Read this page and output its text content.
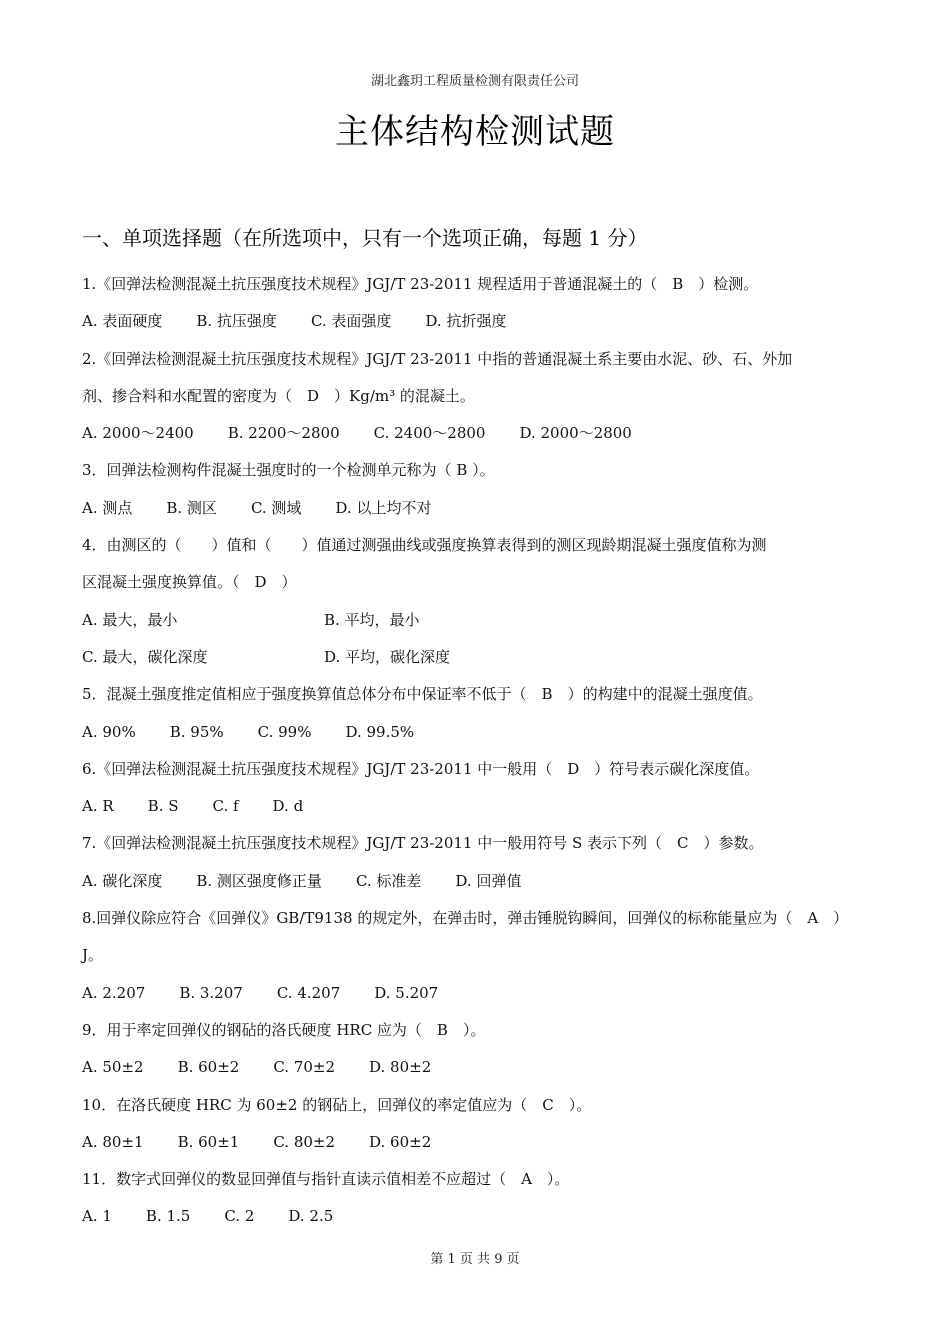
湖北鑫玥工程质量检测有限责任公司
主体结构检测试题
一、单项选择题（在所选项中，只有一个选项正确，每题 1 分）
1.《回弹法检测混凝土抗压强度技术规程》JGJ/T 23-2011 规程适用于普通混凝土的（　B　）检测。
A. 表面硬度 B. 抗压强度 C. 表面强度 D. 抗折强度
2.《回弹法检测混凝土抗压强度技术规程》JGJ/T 23-2011 中指的普通混凝土系主要由水泥、砂、石、外加
剂、掺合料和水配置的密度为（　D　）Kg/m³ 的混凝土。
A. 2000～2400 B. 2200～2800 C. 2400～2800 D. 2000～2800
3．回弹法检测构件混凝土强度时的一个检测单元称为（ B ）。
A. 测点 B. 测区 C. 测域 D. 以上均不对
4．由测区的（　　）值和（　　）值通过测强曲线或强度换算表得到的测区现龄期混凝土强度值称为测
区混凝土强度换算值。（　D　）
A. 最大，最小	B. 平均，最小
C. 最大，碳化深度	D. 平均，碳化深度
5．混凝土强度推定值相应于强度换算值总体分布中保证率不低于（　B　）的构建中的混凝土强度值。
A. 90% B. 95% C. 99% D. 99.5%
6.《回弹法检测混凝土抗压强度技术规程》JGJ/T 23-2011 中一般用（　D　）符号表示碳化深度值。
A. R B. S C. f D. d
7.《回弹法检测混凝土抗压强度技术规程》JGJ/T 23-2011 中一般用符号 S 表示下列（　C　）参数。
A. 碳化深度 B. 测区强度修正量 C. 标准差 D. 回弹值
8.回弹仪除应符合《回弹仪》GB/T9138 的规定外，在弹击时，弹击锤脱钩瞬间，回弹仪的标称能量应为（　A　）
J。
A. 2.207 B. 3.207 C. 4.207 D. 5.207
9．用于率定回弹仪的钢砧的洛氏硬度 HRC 应为（　B　）。
A. 50±2 B. 60±2 C. 70±2 D. 80±2
10．在洛氏硬度 HRC 为 60±2 的钢砧上，回弹仪的率定值应为（　C　）。
A. 80±1 B. 60±1 C. 80±2 D. 60±2
11．数字式回弹仪的数显回弹值与指针直读示值相差不应超过（　A　）。
A. 1 B. 1.5 C. 2 D. 2.5
第 1 页 共 9 页
